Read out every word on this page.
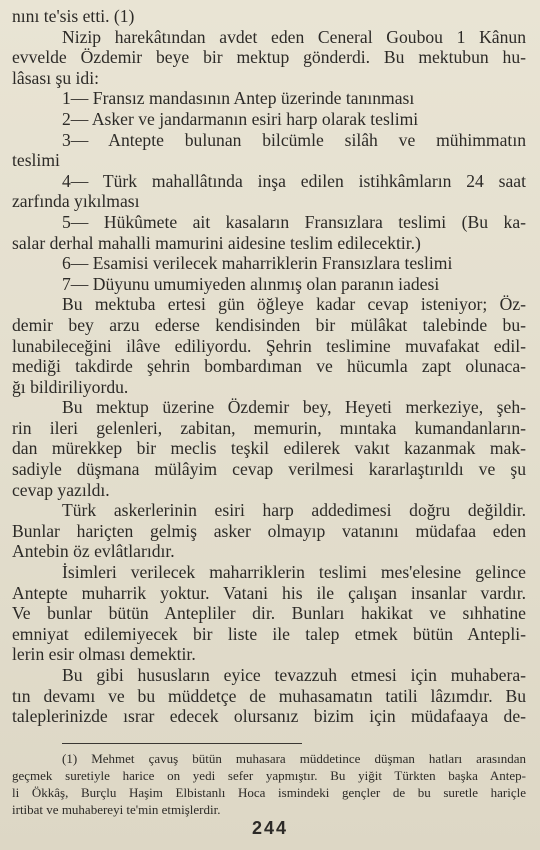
nını te'sis etti. (1)
Nizip harekâtından avdet eden Ceneral Goubou 1 Kânun
evvelde Özdemir beye bir mektup gönderdi. Bu mektubun hu-
lâsası şu idi:
1— Fransız mandasının Antep üzerinde tanınması
2— Asker ve jandarmanın esiri harp olarak teslimi
3— Antepte bulunan bilcümle silâh ve mühimmatın
teslimi
4— Türk mahallâtında inşa edilen istihkâmların 24 saat
zarfında yıkılması
5— Hükûmete ait kasaların Fransızlara teslimi (Bu ka-
salar derhal mahalli mamurini aidesine teslim edilecektir.)
6— Esamisi verilecek maharriklerin Fransızlara teslimi
7— Düyunu umumiyeden alınmış olan paranın iadesi
Bu mektuba ertesi gün öğleye kadar cevap isteniyor; Öz-
demir bey arzu ederse kendisinden bir mülâkat talebinde bu-
lunabileceğini ilâve ediliyordu. Şehrin teslimine muvafakat edil-
mediği takdirde şehrin bombardıman ve hücumla zapt olunaca-
ğı bildiriliyordu.
Bu mektup üzerine Özdemir bey, Heyeti merkeziye, şeh-
rin ileri gelenleri, zabitan, memurin, mıntaka kumandanların-
dan mürekkep bir meclis teşkil edilerek vakıt kazanmak mak-
sadiyle düşmana mülâyim cevap verilmesi kararlaştırıldı ve şu
cevap yazıldı.
Türk askerlerinin esiri harp addedimesi doğru değildir.
Bunlar hariçten gelmiş asker olmayıp vatanını müdafaa eden
Antebin öz evlâtlarıdır.
İsimleri verilecek maharriklerin teslimi mes'elesine gelince
Antepte muharrik yoktur. Vatani his ile çalışan insanlar vardır.
Ve bunlar bütün Antepliler dir. Bunları hakikat ve sıhhatine
emniyat edilemiyecek bir liste ile talep etmek bütün Antepli-
lerin esir olması demektir.
Bu gibi hususların eyice tevazzuh etmesi için muhabera-
tın devamı ve bu müddetçe de muhasamatın tatili lâzımdır. Bu
taleplerinizde ısrar edecek olursanız bizim için müdafaaya de-
(1) Mehmet çavuş bütün muhasara müddetince düşman hatları arasından
geçmek suretiyle harice on yedi sefer yapmıştır. Bu yiğit Türkten başka Antep-
li Ökkâş, Burçlu Haşim Elbistanlı Hoca ismindeki gençler de bu suretle hariçle
irtibat ve muhabereyi te'min etmişlerdir.
244
